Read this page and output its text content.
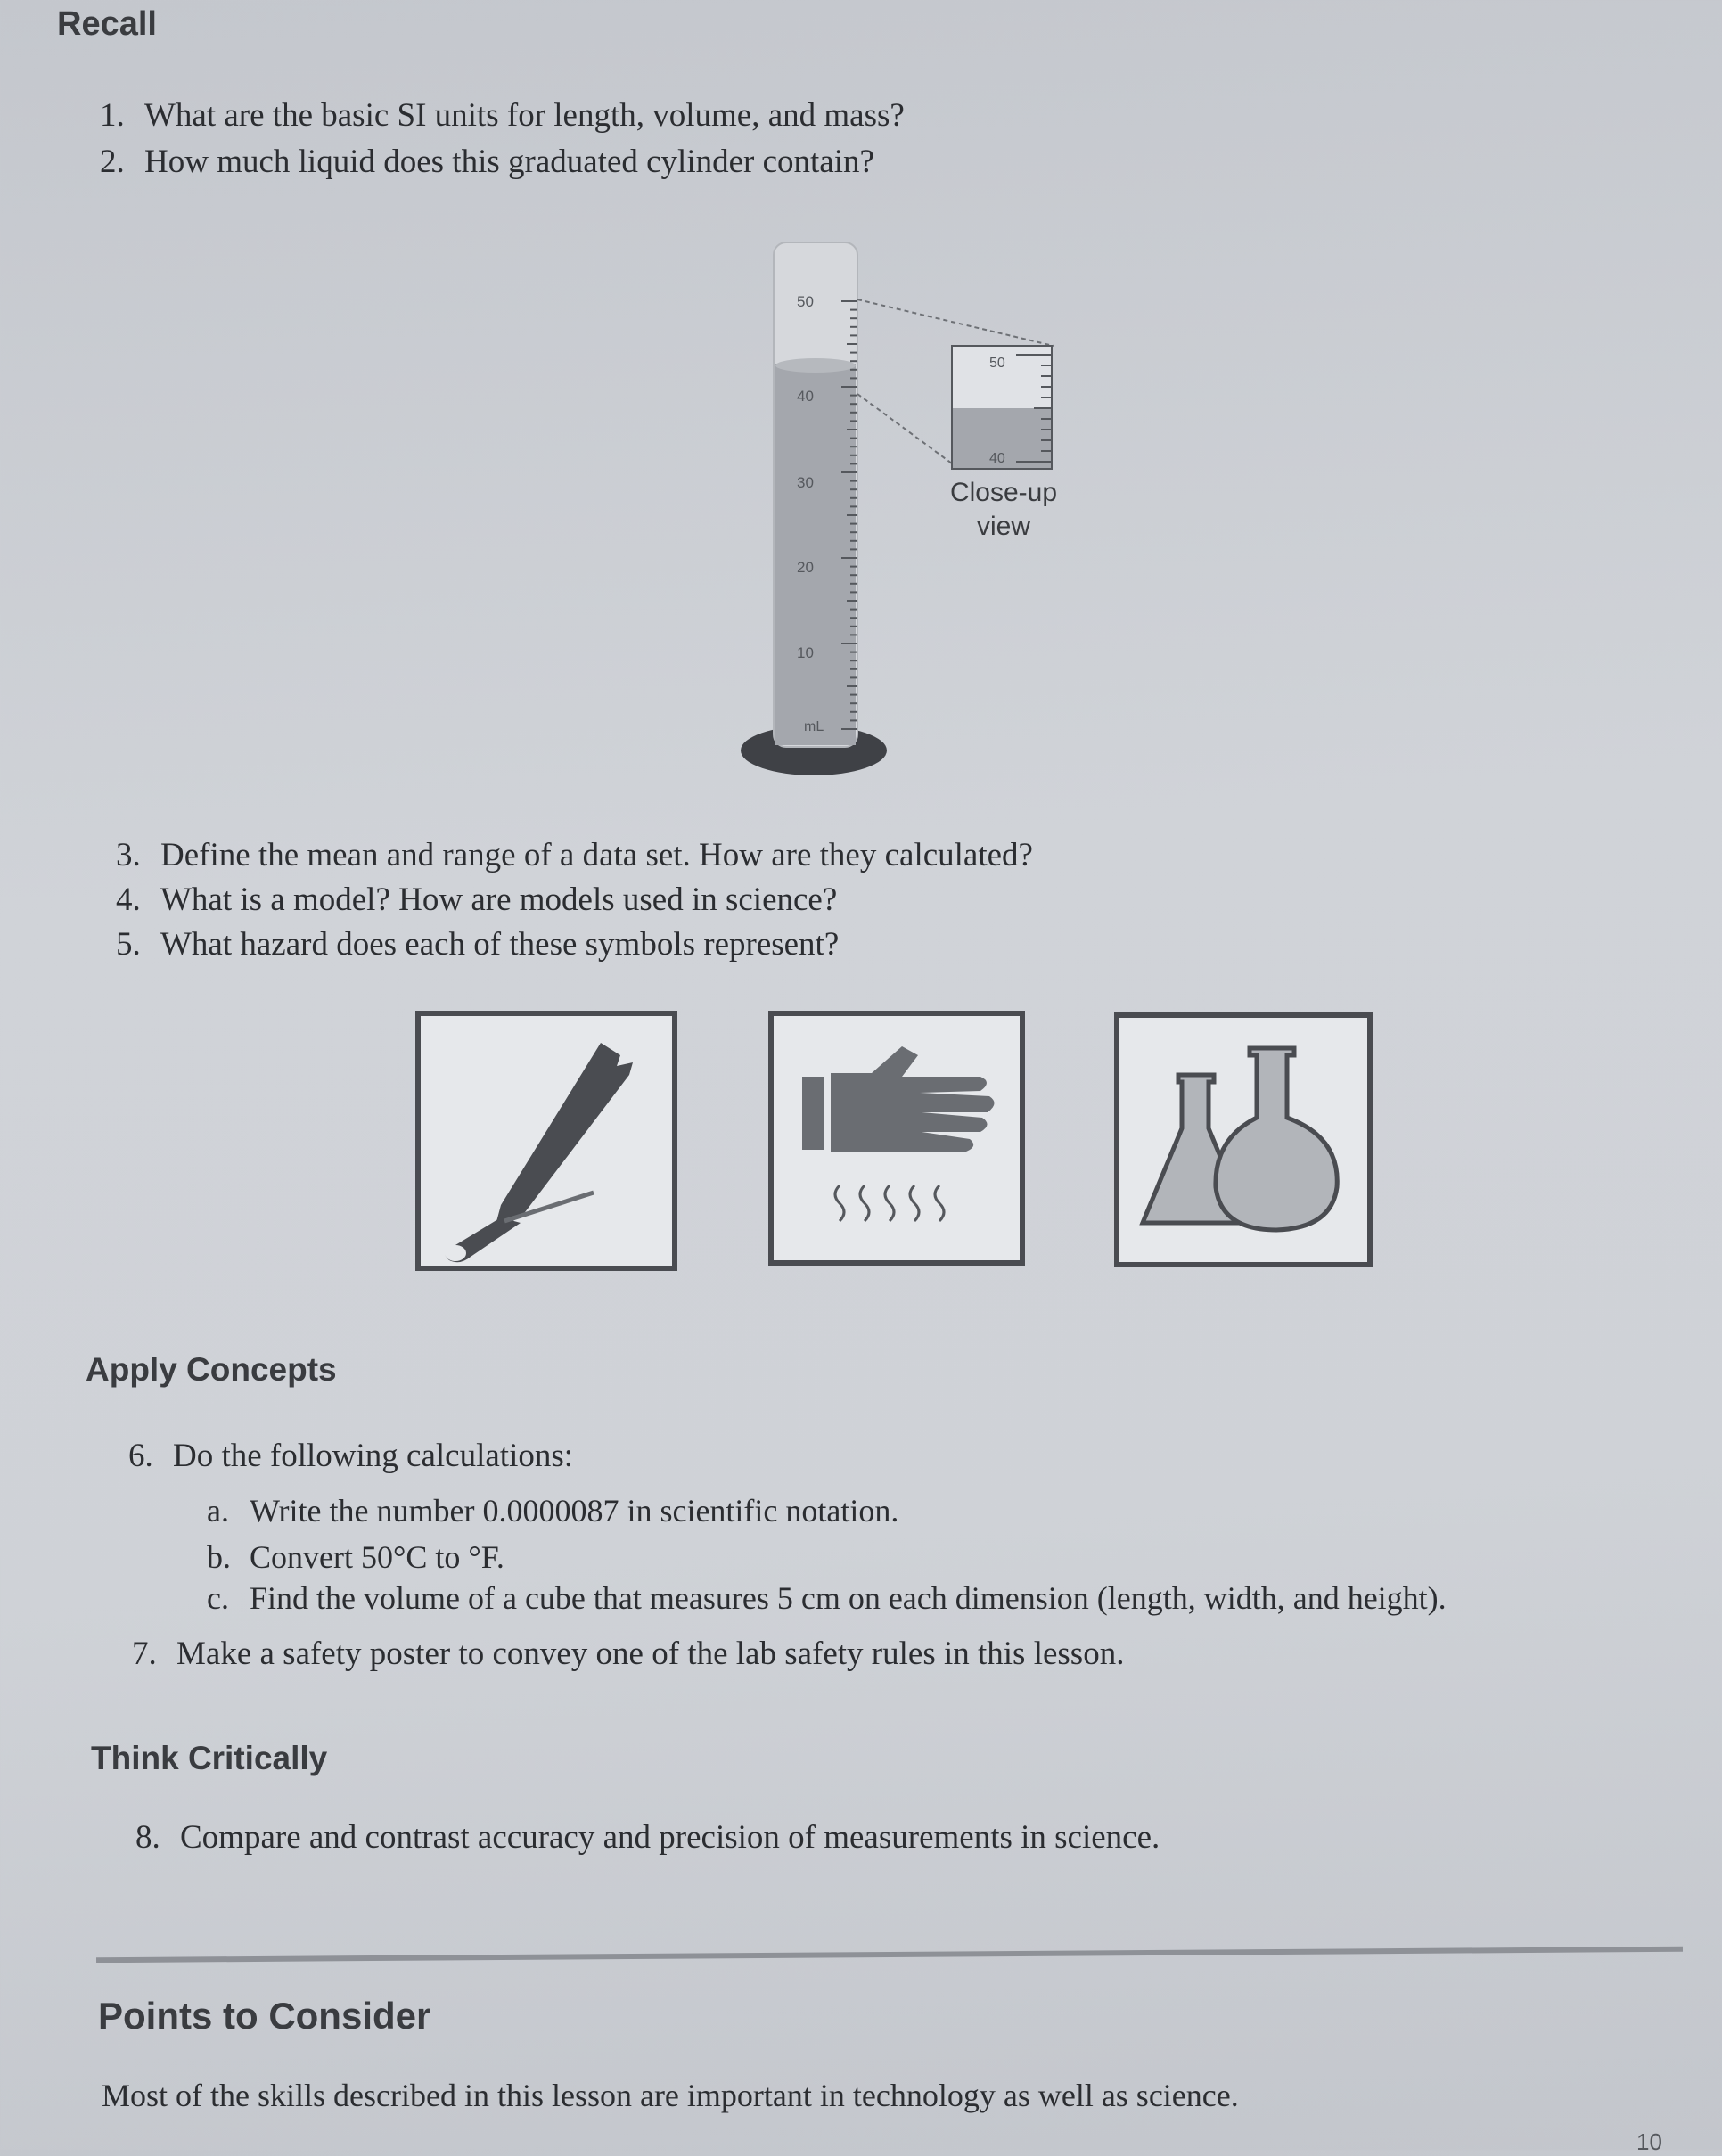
Recall

1. What are the basic SI units for length, volume, and mass?

2. How much liquid does this graduated cylinder contain?

50
40
30
20
10
mL
50
40
Close-up
view

3. Define the mean and range of a data set. How are they calculated?

4. What is a model? How are models used in science?

5. What hazard does each of these symbols represent?

Apply Concepts

6. Do the following calculations:

a. Write the number 0.0000087 in scientific notation.

b. Convert 50°C to °F.

c. Find the volume of a cube that measures 5 cm on each dimension (length, width, and height).

7. Make a safety poster to convey one of the lab safety rules in this lesson.

Think Critically

8. Compare and contrast accuracy and precision of measurements in science.

Points to Consider

Most of the skills described in this lesson are important in technology as well as science.

10
